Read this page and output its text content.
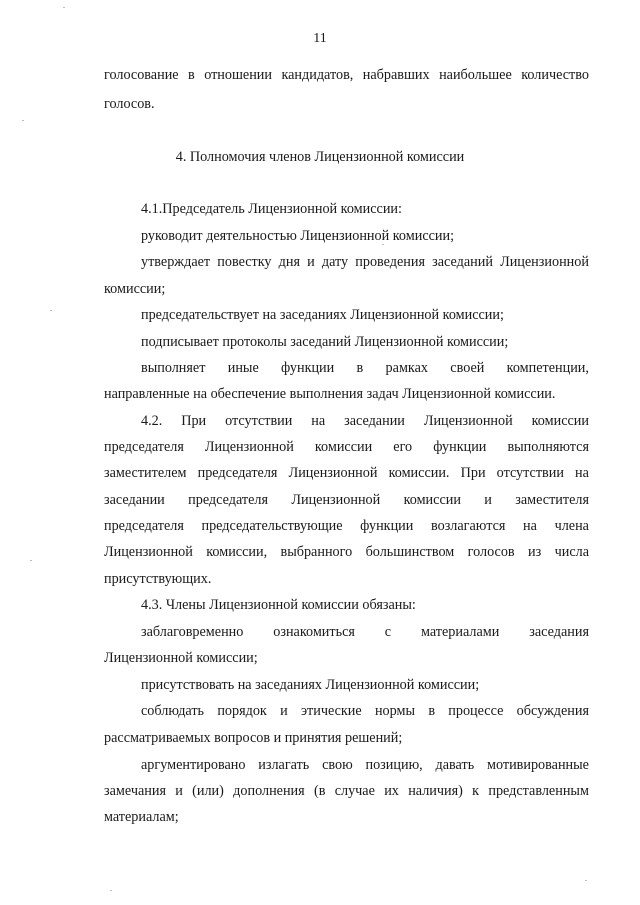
11
голосование в отношении кандидатов, набравших наибольшее количество
голосов.
4. Полномочия членов Лицензионной комиссии
4.1.Председатель Лицензионной комиссии:
руководит деятельностью Лицензионной комиссии;
утверждает повестку дня и дату проведения заседаний Лицензионной
комиссии;
председательствует на заседаниях Лицензионной комиссии;
подписывает протоколы заседаний Лицензионной комиссии;
выполняет иные функции в рамках своей компетенции,
направленные на обеспечение выполнения задач Лицензионной комиссии.
4.2. При отсутствии на заседании Лицензионной комиссии
председателя Лицензионной комиссии его функции выполняются
заместителем председателя Лицензионной комиссии. При отсутствии на
заседании председателя Лицензионной комиссии и заместителя
председателя председательствующие функции возлагаются на члена
Лицензионной комиссии, выбранного большинством голосов из числа
присутствующих.
4.3. Члены Лицензионной комиссии обязаны:
заблаговременно ознакомиться с материалами заседания
Лицензионной комиссии;
присутствовать на заседаниях Лицензионной комиссии;
соблюдать порядок и этические нормы в процессе обсуждения
рассматриваемых вопросов и принятия решений;
аргументировано излагать свою позицию, давать мотивированные
замечания и (или) дополнения (в случае их наличия) к представленным
материалам;
